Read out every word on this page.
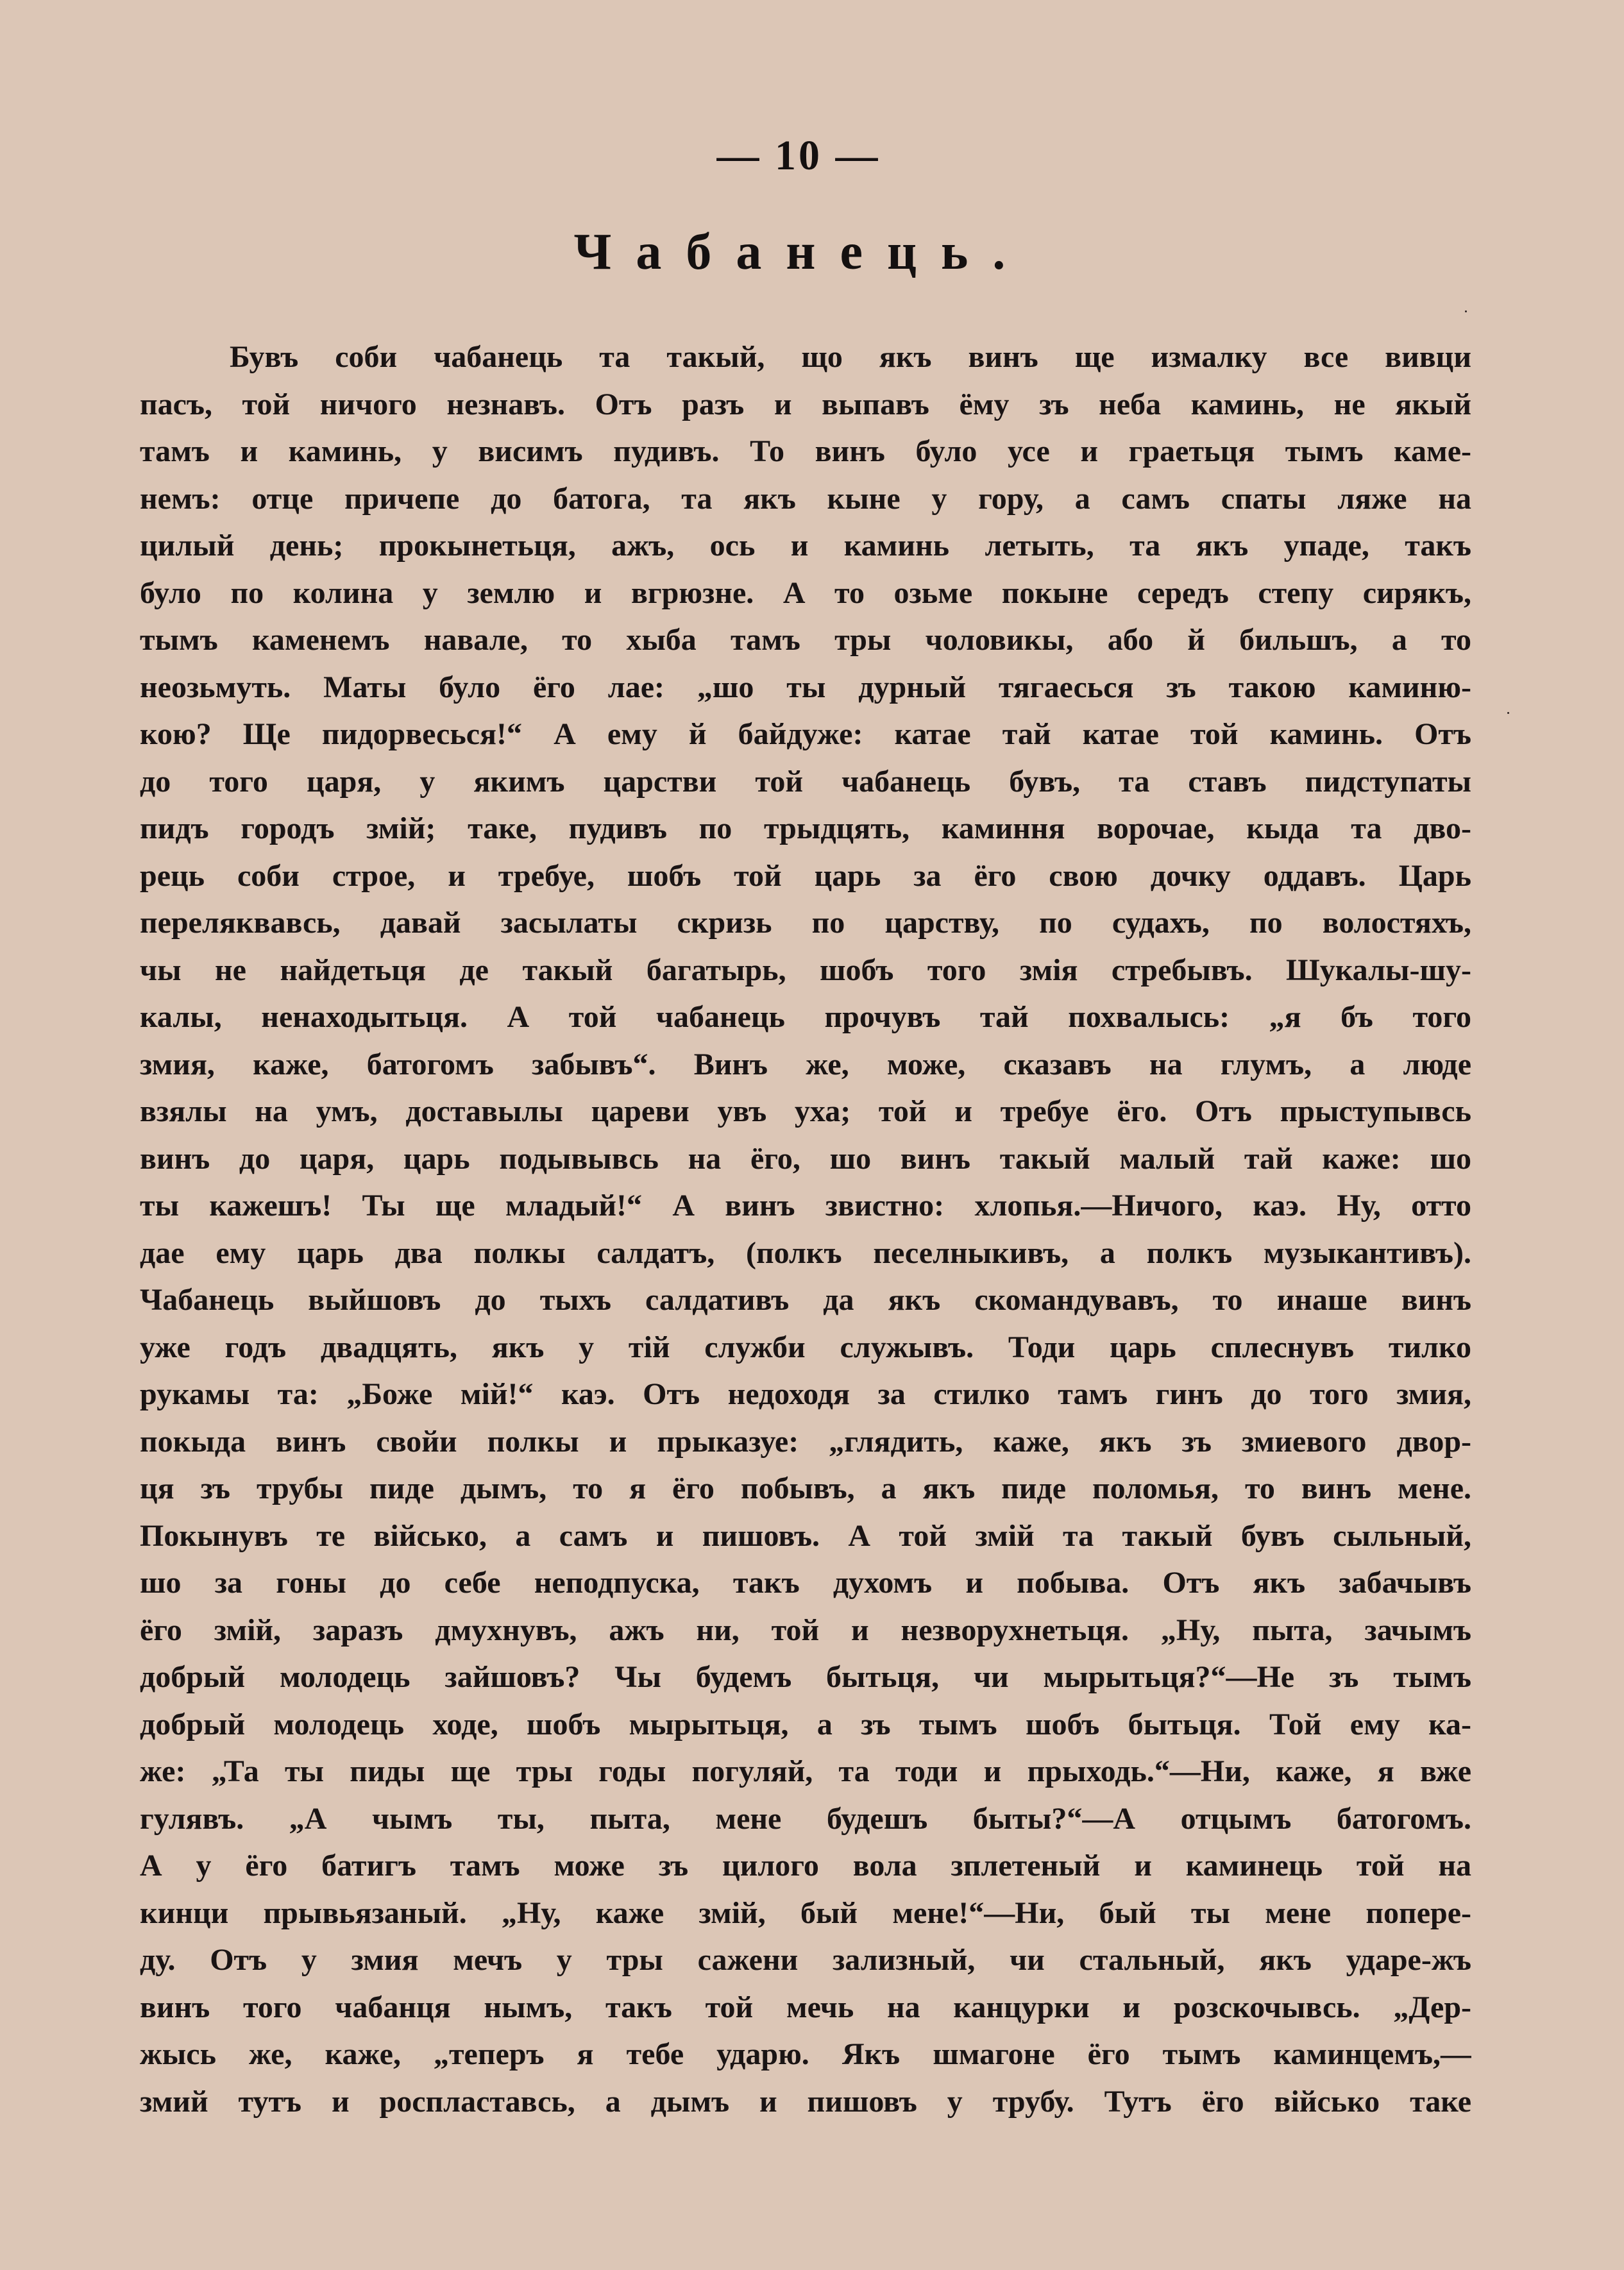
— 10 —
Чабанець.
Бувъ соби чабанець та такый, що якъ винъ ще измалку все вивци
пасъ, той ничого незнавъ. Отъ разъ и выпавъ ёму зъ неба каминь, не якый
тамъ и каминь, у висимъ пудивъ. То винъ було усе и граетьця тымъ каме-
немъ: отце причепе до батога, та якъ кыне у гору, а самъ спаты ляже на
цилый день; прокынетьця, ажъ, ось и каминь летыть, та якъ упаде, такъ
було по колина у землю и вгрюзне. А то озьме покыне середъ степу сирякъ,
тымъ каменемъ навале, то хыба тамъ тры чоловикы, або й бильшъ, а то
неозьмуть. Маты було ёго лае: „шо ты дурный тягаесься зъ такою каминю-
кою? Ще пидорвесься!“ А ему й байдуже: катае тай катае той каминь. Отъ
до того царя, у якимъ царстви той чабанець бувъ, та ставъ пидступаты
пидъ городъ змій; таке, пудивъ по трыдцять, каминня ворочае, кыда та дво-
рець соби строе, и требуе, шобъ той царь за ёго свою дочку оддавъ. Царь
переляквавсь, давай засылаты скризь по царству, по судахъ, по волостяхъ,
чы не найдетьця де такый багатырь, шобъ того змія стребывъ. Шукалы-шу-
калы, ненаходытьця. А той чабанець прочувъ тай похвалысь: „я бъ того
змия, каже, батогомъ забывъ“. Винъ же, може, сказавъ на глумъ, а люде
взялы на умъ, доставылы цареви увъ уха; той и требуе ёго. Отъ прыступывсь
винъ до царя, царь подывывсь на ёго, шо винъ такый малый тай каже: шо
ты кажешъ! Ты ще младый!“ А винъ звистно: хлопья.—Ничого, каэ. Ну, отто
дае ему царь два полкы салдатъ, (полкъ песелныкивъ, а полкъ музыкантивъ).
Чабанець выйшовъ до тыхъ салдативъ да якъ скомандувавъ, то инаше винъ
уже годъ двадцять, якъ у тій служби служывъ. Тоди царь сплеснувъ тилко
рукамы та: „Боже мій!“ каэ. Отъ недоходя за стилко тамъ гинъ до того змия,
покыда винъ свойи полкы и прыказуе: „глядить, каже, якъ зъ змиевого двор-
ця зъ трубы пиде дымъ, то я ёго побывъ, а якъ пиде поломья, то винъ мене.
Покынувъ те військо, а самъ и пишовъ. А той змій та такый бувъ сыльный,
шо за гоны до себе неподпуска, такъ духомъ и побыва. Отъ якъ забачывъ
ёго змій, заразъ дмухнувъ, ажъ ни, той и незворухнетьця. „Ну, пыта, зачымъ
добрый молодець зайшовъ? Чы будемъ бытьця, чи мырытьця?“—Не зъ тымъ
добрый молодець ходе, шобъ мырытьця, а зъ тымъ шобъ бытьця. Той ему ка-
же: „Та ты пиды ще тры годы погуляй, та тоди и прыходь.“—Ни, каже, я вже
гулявъ. „А чымъ ты, пыта, мене будешъ быты?“—А отцымъ батогомъ.
А у ёго батигъ тамъ може зъ цилого вола зплетеный и каминець той на
кинци прывьязаный. „Ну, каже змій, бый мене!“—Ни, бый ты мене попере-
ду. Отъ у змия мечъ у тры сажени зализный, чи стальный, якъ ударе-жъ
винъ того чабанця нымъ, такъ той мечь на канцурки и розскочывсь. „Дер-
жысь же, каже, „теперъ я тебе ударю. Якъ шмагоне ёго тымъ каминцемъ,—
змий тутъ и роспластавсь, а дымъ и пишовъ у трубу. Тутъ ёго військо таке
